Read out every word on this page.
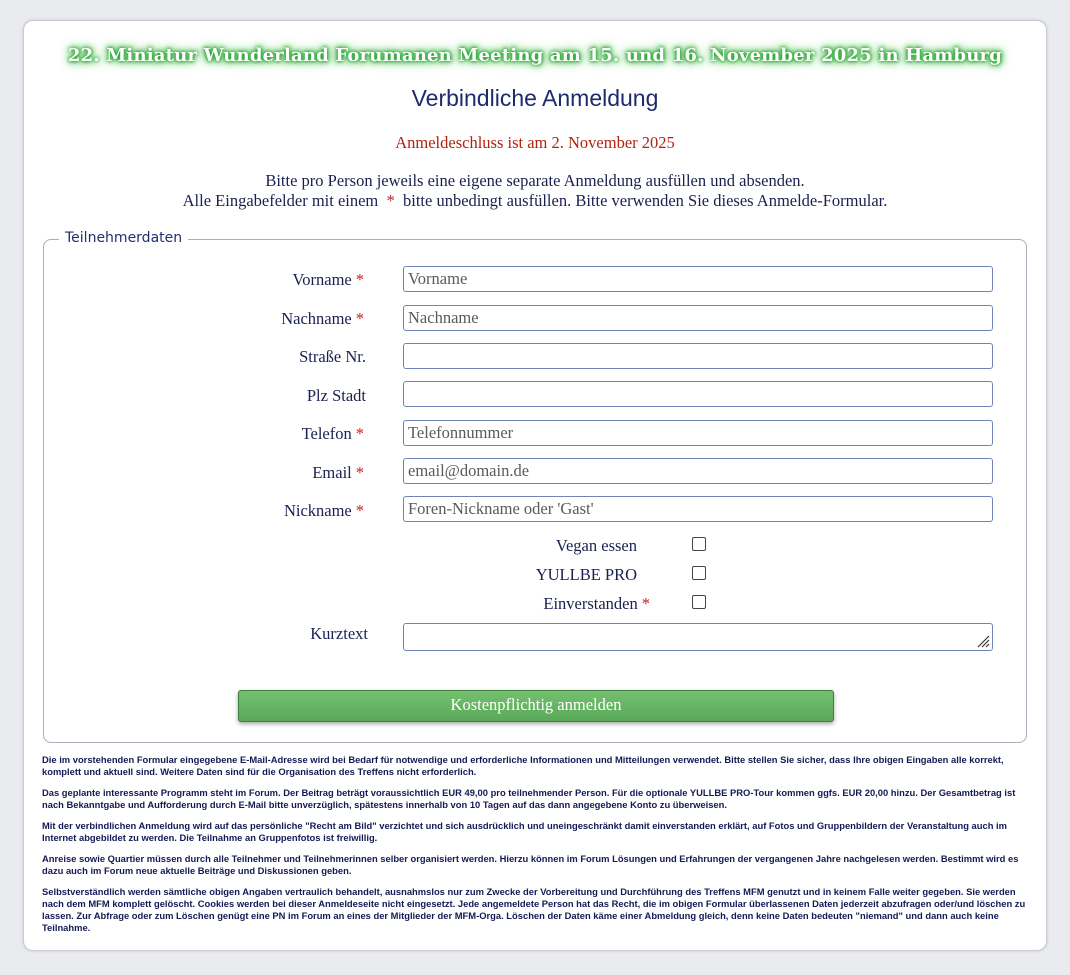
22. Miniatur Wunderland Forumanen Meeting am 15. und 16. November 2025 in Hamburg
Verbindliche Anmeldung
Anmeldeschluss ist am 2. November 2025
Bitte pro Person jeweils eine eigene separate Anmeldung ausfüllen und absenden.
Alle Eingabefelder mit einem * bitte unbedingt ausfüllen. Bitte verwenden Sie dieses Anmelde-Formular.
Teilnehmerdaten
Vorname *
Vorname
Nachname *
Nachname
Straße Nr.
Plz Stadt
Telefon *
Telefonnummer
Email *
email@domain.de
Nickname *
Foren-Nickname oder 'Gast'
Vegan essen
YULLBE PRO
Einverstanden *
Kurztext
Kostenpflichtig anmelden

Die im vorstehenden Formular eingegebene E-Mail-Adresse wird bei Bedarf für notwendige und erforderliche Informationen und Mitteilungen verwendet. Bitte stellen Sie sicher, dass Ihre obigen Eingaben alle korrekt, komplett und aktuell sind. Weitere Daten sind für die Organisation des Treffens nicht erforderlich.

Das geplante interessante Programm steht im Forum. Der Beitrag beträgt voraussichtlich EUR 49,00 pro teilnehmender Person. Für die optionale YULLBE PRO-Tour kommen ggfs. EUR 20,00 hinzu. Der Gesamtbetrag ist nach Bekanntgabe und Aufforderung durch E-Mail bitte unverzüglich, spätestens innerhalb von 10 Tagen auf das dann angegebene Konto zu überweisen.

Mit der verbindlichen Anmeldung wird auf das persönliche "Recht am Bild" verzichtet und sich ausdrücklich und uneingeschränkt damit einverstanden erklärt, auf Fotos und Gruppenbildern der Veranstaltung auch im Internet abgebildet zu werden. Die Teilnahme an Gruppenfotos ist freiwillig.

Anreise sowie Quartier müssen durch alle Teilnehmer und Teilnehmerinnen selber organisiert werden. Hierzu können im Forum Lösungen und Erfahrungen der vergangenen Jahre nachgelesen werden. Bestimmt wird es dazu auch im Forum neue aktuelle Beiträge und Diskussionen geben.

Selbstverständlich werden sämtliche obigen Angaben vertraulich behandelt, ausnahmslos nur zum Zwecke der Vorbereitung und Durchführung des Treffens MFM genutzt und in keinem Falle weiter gegeben. Sie werden nach dem MFM komplett gelöscht. Cookies werden bei dieser Anmeldeseite nicht eingesetzt. Jede angemeldete Person hat das Recht, die im obigen Formular überlassenen Daten jederzeit abzufragen oder/und löschen zu lassen. Zur Abfrage oder zum Löschen genügt eine PN im Forum an eines der Mitglieder der MFM-Orga. Löschen der Daten käme einer Abmeldung gleich, denn keine Daten bedeuten "niemand" und dann auch keine Teilnahme.
